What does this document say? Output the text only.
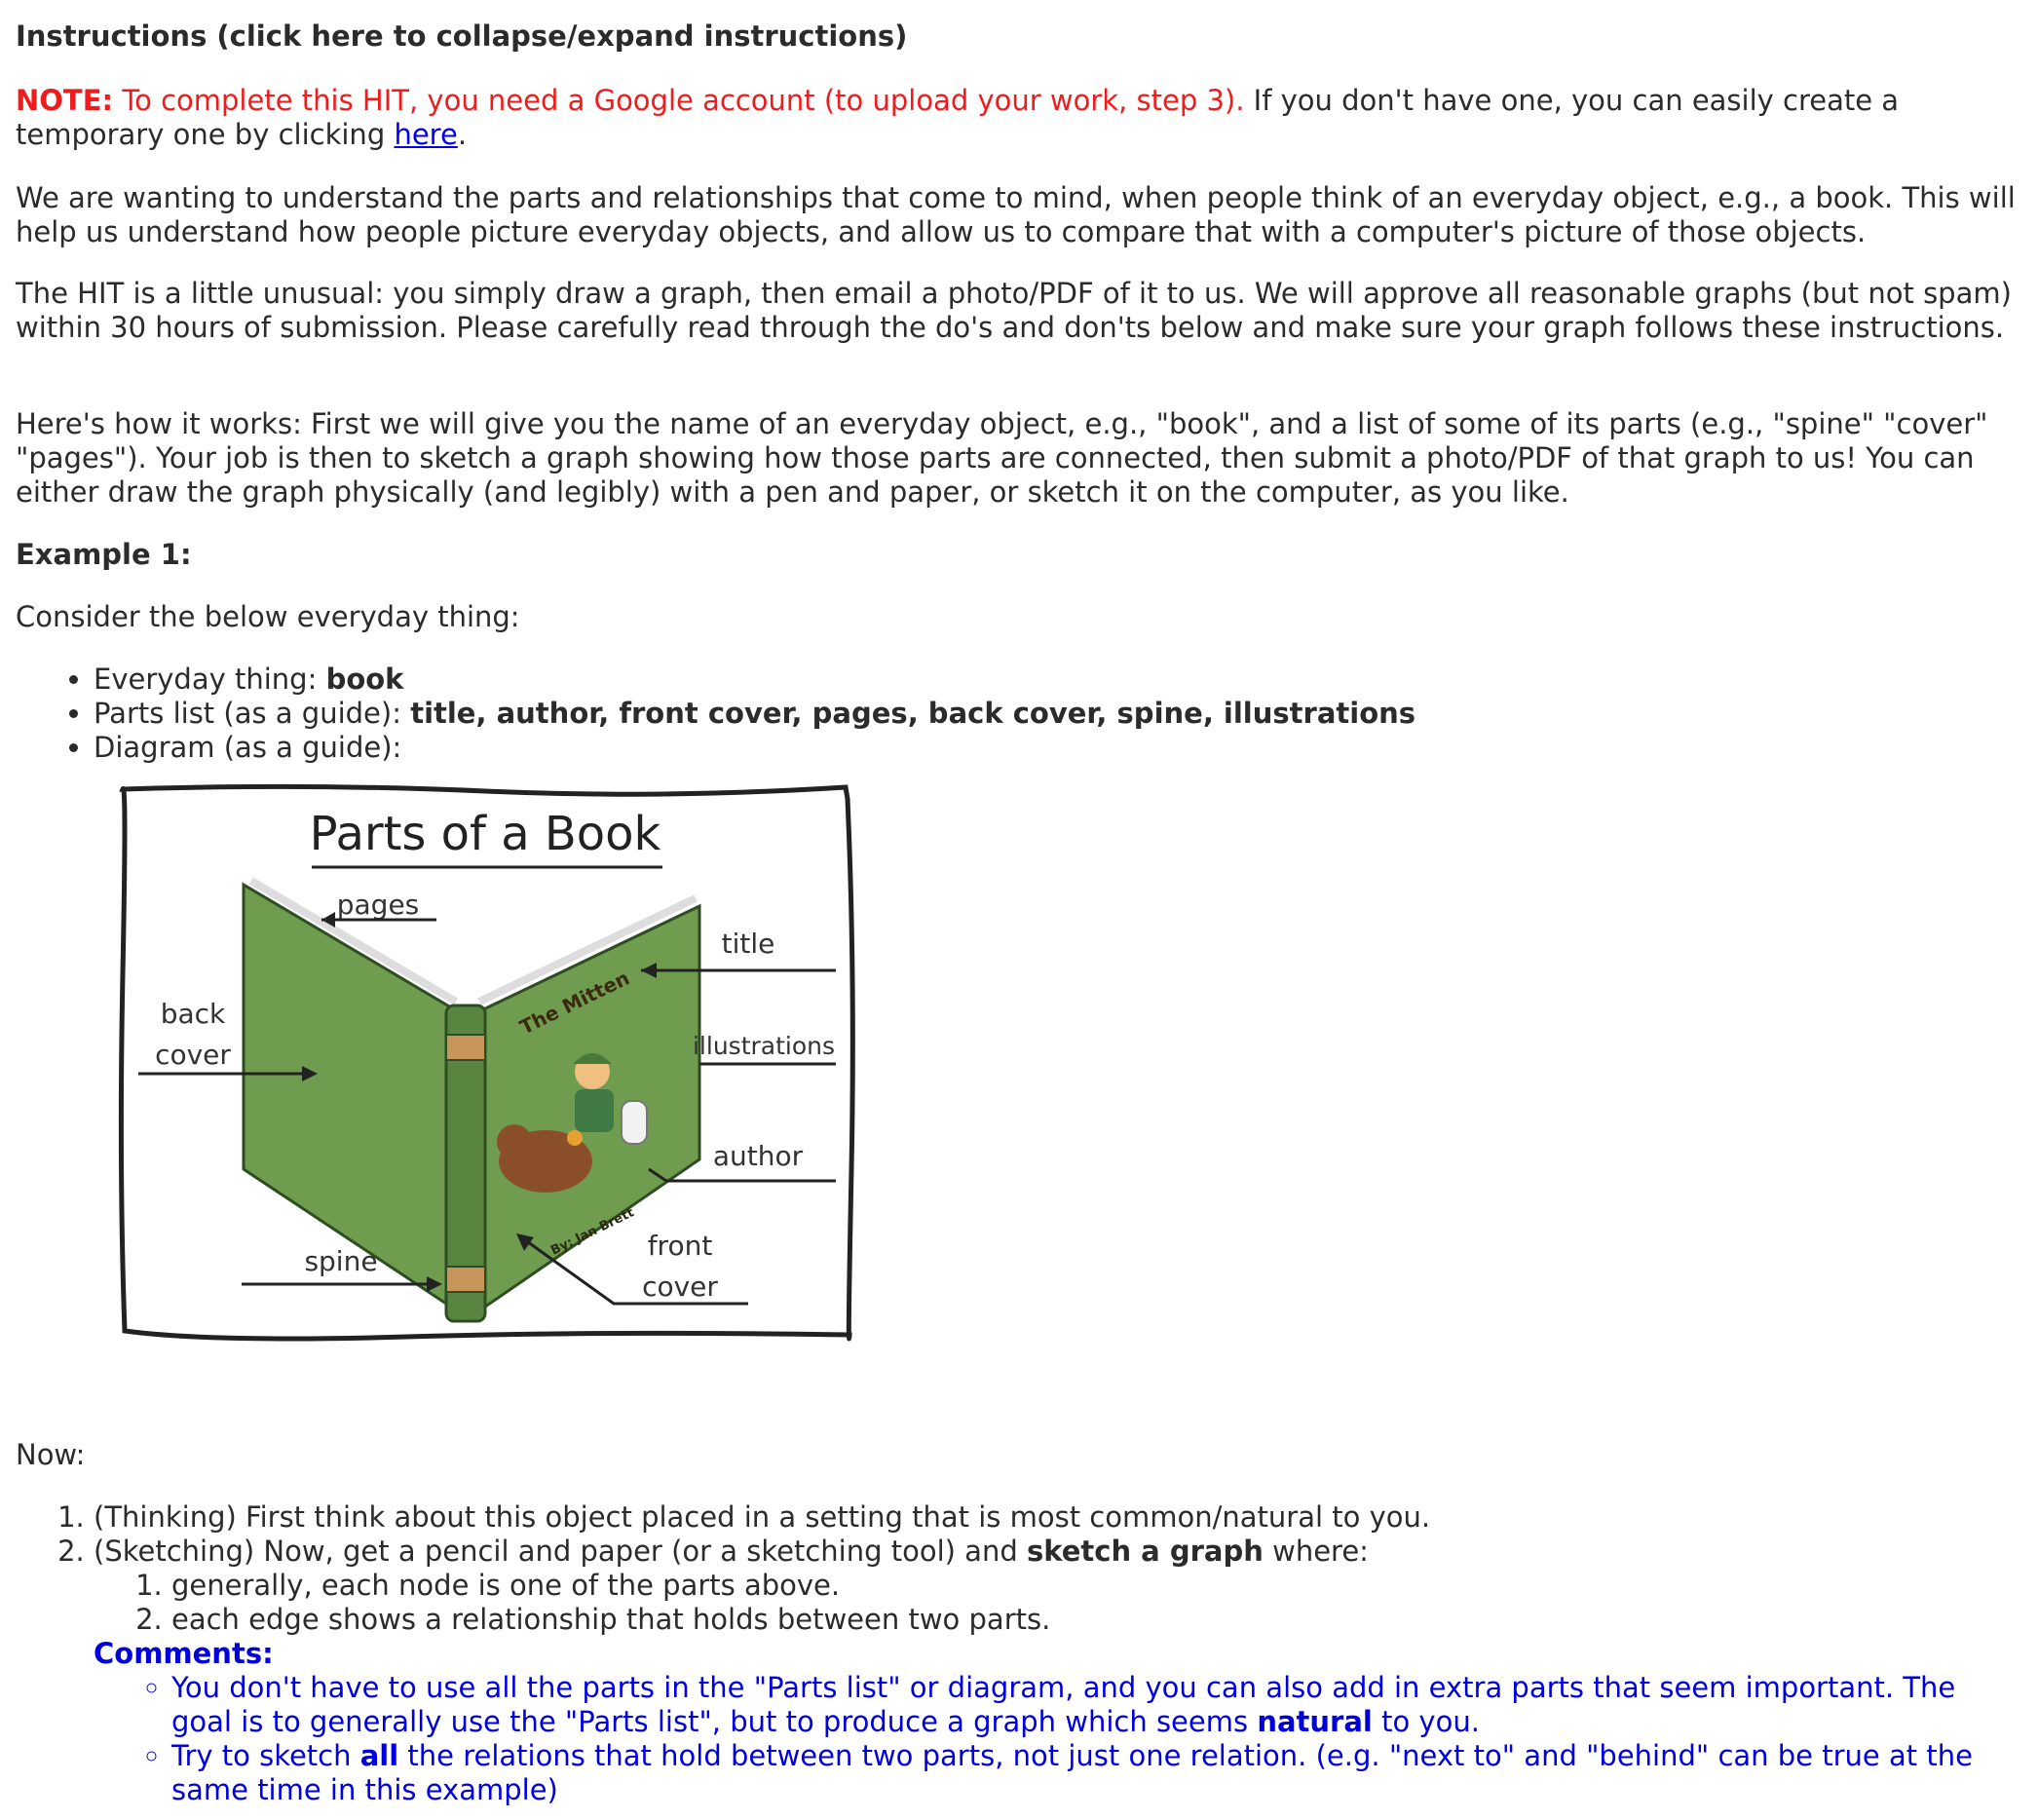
Instructions (click here to collapse/expand instructions)

NOTE: To complete this HIT, you need a Google account (to upload your work, step 3). If you don't have one, you can easily create a temporary one by clicking here.

We are wanting to understand the parts and relationships that come to mind, when people think of an everyday object, e.g., a book. This will help us understand how people picture everyday objects, and allow us to compare that with a computer's picture of those objects.

The HIT is a little unusual: you simply draw a graph, then email a photo/PDF of it to us. We will approve all reasonable graphs (but not spam) within 30 hours of submission. Please carefully read through the do's and don'ts below and make sure your graph follows these instructions.

Here's how it works: First we will give you the name of an everyday object, e.g., "book", and a list of some of its parts (e.g., "spine" "cover" "pages"). Your job is then to sketch a graph showing how those parts are connected, then submit a photo/PDF of that graph to us! You can either draw the graph physically (and legibly) with a pen and paper, or sketch it on the computer, as you like.

Example 1:

Consider the below everyday thing:

• Everyday thing: book
• Parts list (as a guide): title, author, front cover, pages, back cover, spine, illustrations
• Diagram (as a guide):
Parts of a Book
The Mitten
By: Jan Brett
pages
title
back
cover	illustrations
author
spine	front
cover

Now:

1. (Thinking) First think about this object placed in a setting that is most common/natural to you.
2. (Sketching) Now, get a pencil and paper (or a sketching tool) and sketch a graph where:
1. generally, each node is one of the parts above.
2. each edge shows a relationship that holds between two parts.
Comments:
◦ You don't have to use all the parts in the "Parts list" or diagram, and you can also add in extra parts that seem important. The goal is to generally use the "Parts list", but to produce a graph which seems natural to you.
◦ Try to sketch all the relations that hold between two parts, not just one relation. (e.g. "next to" and "behind" can be true at the same time in this example)
